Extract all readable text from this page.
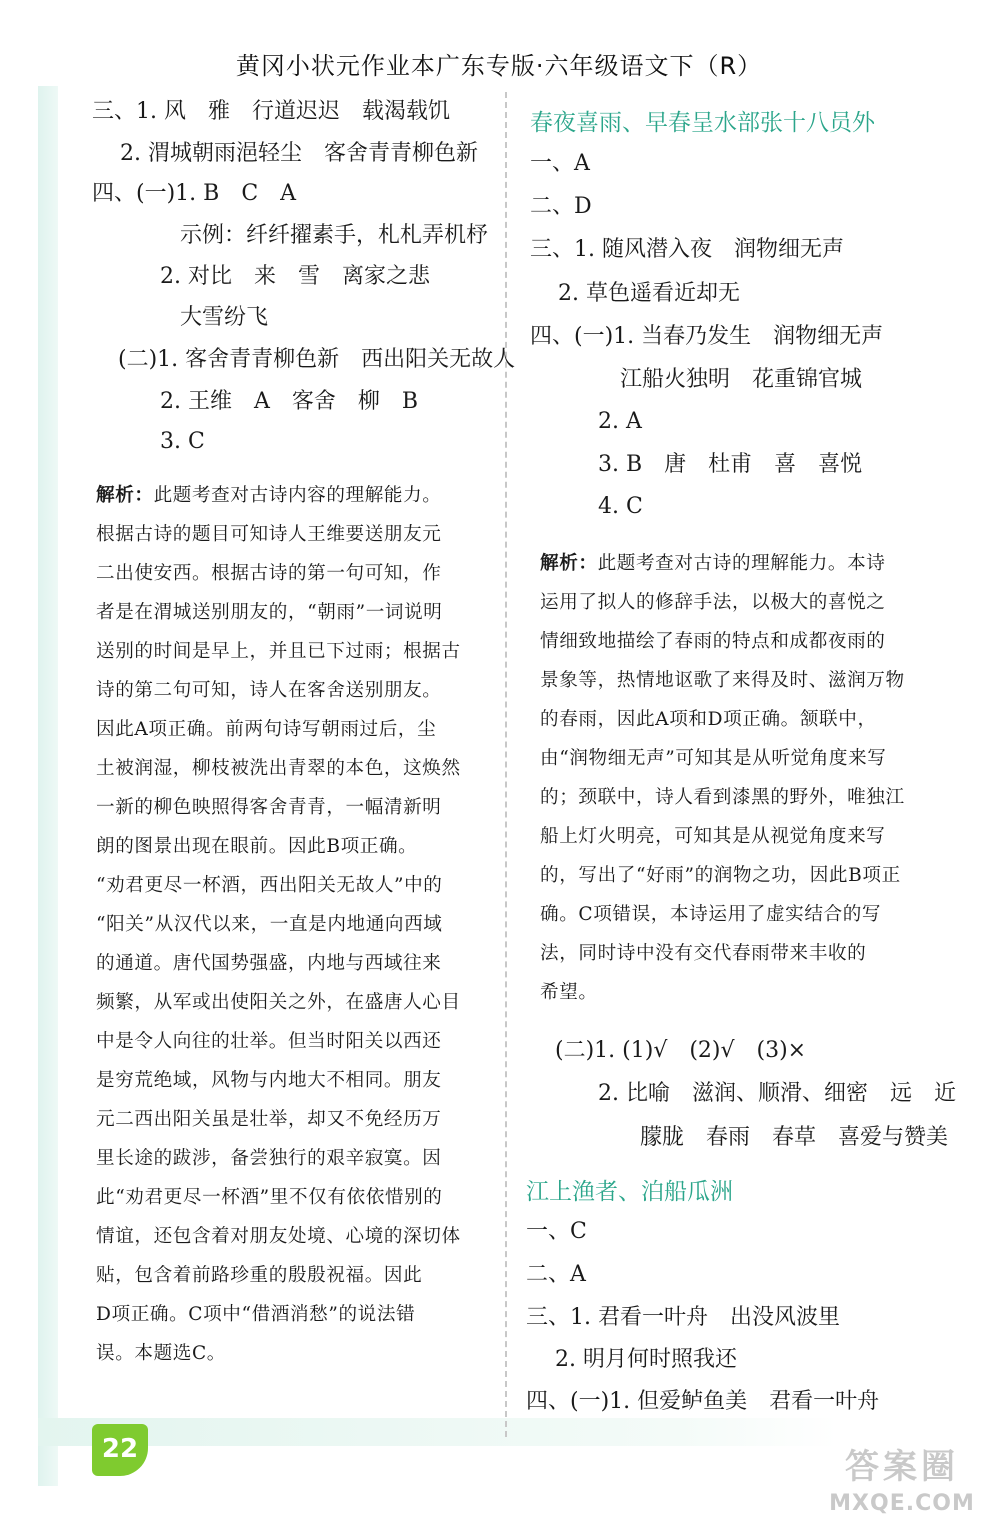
黄冈小状元作业本广东专版·六年级语文下（R）
三、1. 风　雅　行道迟迟　载渴载饥
2. 渭城朝雨浥轻尘　客舍青青柳色新
四、(一)1. B　C　A
示例：纤纤擢素手，札札弄机杼
2. 对比　来　雪　离家之悲
大雪纷飞
(二)1. 客舍青青柳色新　西出阳关无故人
2. 王维　A　客舍　柳　B
3. C
解析：此题考查对古诗内容的理解能力。
根据古诗的题目可知诗人王维要送朋友元
二出使安西。根据古诗的第一句可知，作
者是在渭城送别朋友的，“朝雨”一词说明
送别的时间是早上，并且已下过雨；根据古
诗的第二句可知，诗人在客舍送别朋友。
因此A项正确。前两句诗写朝雨过后，尘
土被润湿，柳枝被洗出青翠的本色，这焕然
一新的柳色映照得客舍青青，一幅清新明
朗的图景出现在眼前。因此B项正确。
“劝君更尽一杯酒，西出阳关无故人”中的
“阳关”从汉代以来，一直是内地通向西域
的通道。唐代国势强盛，内地与西域往来
频繁，从军或出使阳关之外，在盛唐人心目
中是令人向往的壮举。但当时阳关以西还
是穷荒绝域，风物与内地大不相同。朋友
元二西出阳关虽是壮举，却又不免经历万
里长途的跋涉，备尝独行的艰辛寂寞。因
此“劝君更尽一杯酒”里不仅有依依惜别的
情谊，还包含着对朋友处境、心境的深切体
贴，包含着前路珍重的殷殷祝福。因此
D项正确。C项中“借酒消愁”的说法错
误。本题选C。
春夜喜雨、早春呈水部张十八员外
一、A
二、D
三、1. 随风潜入夜　润物细无声
2. 草色遥看近却无
四、(一)1. 当春乃发生　润物细无声
江船火独明　花重锦官城
2. A
3. B　唐　杜甫　喜　喜悦
4. C
解析：此题考查对古诗的理解能力。本诗
运用了拟人的修辞手法，以极大的喜悦之
情细致地描绘了春雨的特点和成都夜雨的
景象等，热情地讴歌了来得及时、滋润万物
的春雨，因此A项和D项正确。颔联中，
由“润物细无声”可知其是从听觉角度来写
的；颈联中，诗人看到漆黑的野外，唯独江
船上灯火明亮，可知其是从视觉角度来写
的，写出了“好雨”的润物之功，因此B项正
确。C项错误，本诗运用了虚实结合的写
法，同时诗中没有交代春雨带来丰收的
希望。
(二)1. (1)√　(2)√　(3)×
2. 比喻　滋润、顺滑、细密　远　近
朦胧　春雨　春草　喜爱与赞美
江上渔者、泊船瓜洲
一、C
二、A
三、1. 君看一叶舟　出没风波里
2. 明月何时照我还
四、(一)1. 但爱鲈鱼美　君看一叶舟
22	答案圈
MXQE.COM
